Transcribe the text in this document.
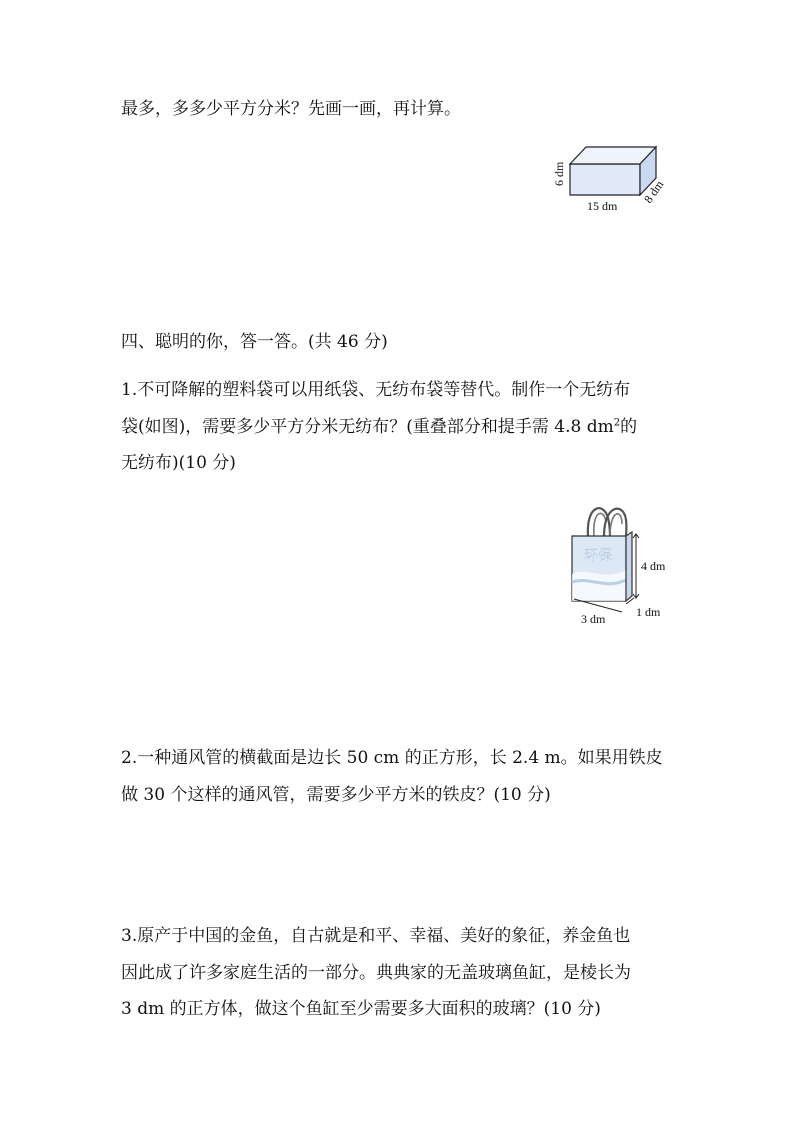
最多，多多少平方分米？先画一画，再计算。
6 dm
15 dm
8 dm
四、聪明的你，答一答。(共 46 分)
1.不可降解的塑料袋可以用纸袋、无纺布袋等替代。制作一个无纺布
袋(如图)，需要多少平方分米无纺布？(重叠部分和提手需 4.8 $dm^2$的
无纺布)(10 分)
环保
4 dm
3 dm	1 dm
2.一种通风管的横截面是边长 50 cm 的正方形，长 2.4 m。如果用铁皮
做 30 个这样的通风管，需要多少平方米的铁皮？(10 分)
3.原产于中国的金鱼，自古就是和平、幸福、美好的象征，养金鱼也
因此成了许多家庭生活的一部分。典典家的无盖玻璃鱼缸，是棱长为
3 dm 的正方体，做这个鱼缸至少需要多大面积的玻璃？(10 分)
